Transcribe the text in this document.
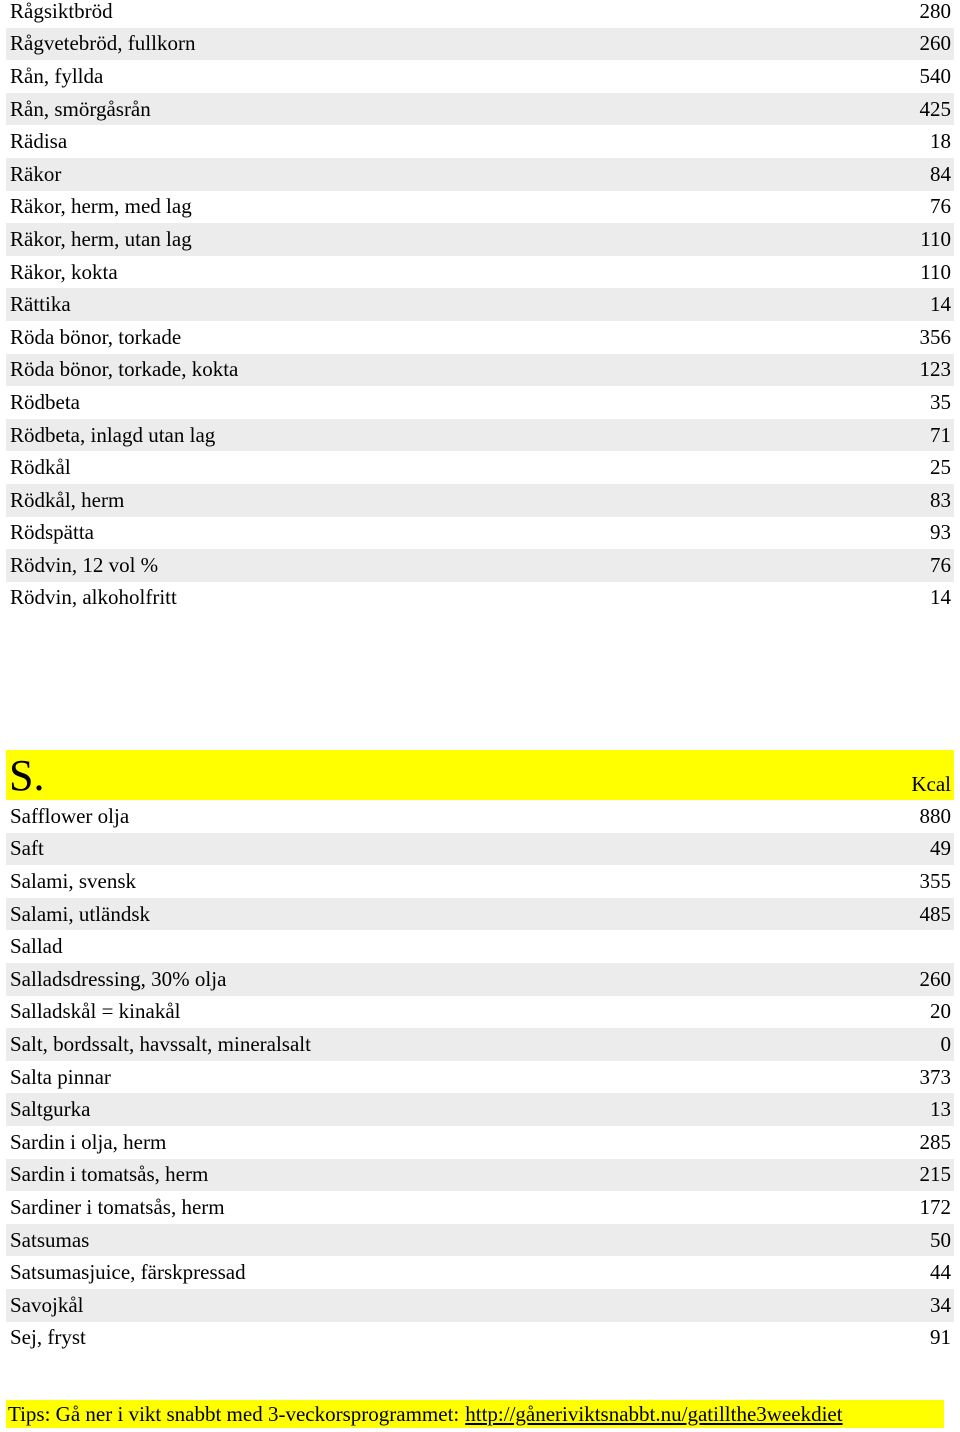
Rågsiktbröd	280
Rågvetebröd, fullkorn	260
Rån, fyllda	540
Rån, smörgåsrån	425
Rädisa	18
Räkor	84
Räkor, herm, med lag	76
Räkor, herm, utan lag	110
Räkor, kokta	110
Rättika	14
Röda bönor, torkade	356
Röda bönor, torkade, kokta	123
Rödbeta	35
Rödbeta, inlagd utan lag	71
Rödkål	25
Rödkål, herm	83
Rödspätta	93
Rödvin, 12 vol %	76
Rödvin, alkoholfritt	14
S.	Kcal
Safflower olja	880
Saft	49
Salami, svensk	355
Salami, utländsk	485
Sallad
Salladsdressing, 30% olja	260
Salladskål = kinakål	20
Salt, bordssalt, havssalt, mineralsalt	0
Salta pinnar	373
Saltgurka	13
Sardin i olja, herm	285
Sardin i tomatsås, herm	215
Sardiner i tomatsås, herm	172
Satsumas	50
Satsumasjuice, färskpressad	44
Savojkål	34
Sej, fryst	91
Tips: Gå ner i vikt snabbt med 3-veckorsprogrammet: http://gåneriviktsnabbt.nu/gatillthe3weekdiet
